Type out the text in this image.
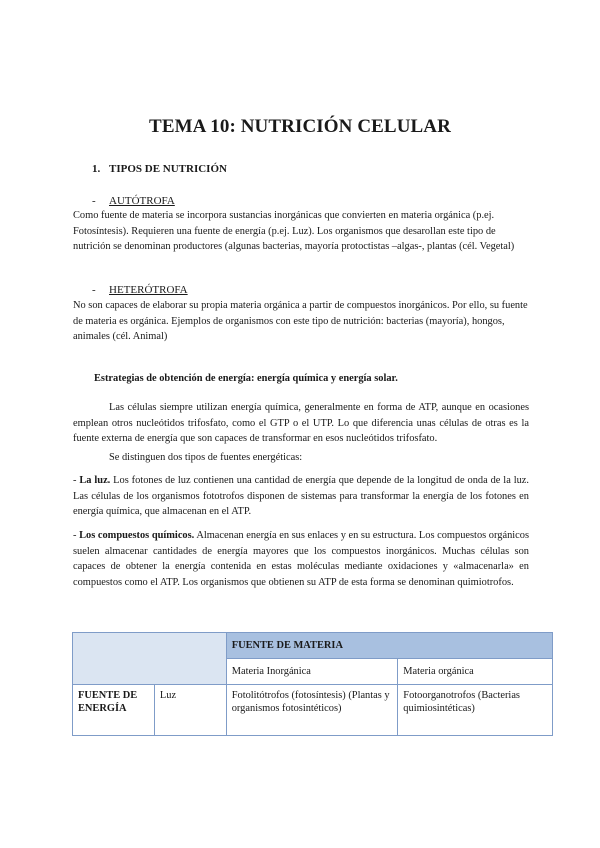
TEMA 10: NUTRICIÓN CELULAR
1. TIPOS DE NUTRICIÓN
- AUTÓTROFA

Como fuente de materia se incorpora sustancias inorgánicas que convierten en materia orgánica (p.ej. Fotosíntesis). Requieren una fuente de energía (p.ej. Luz). Los organismos que desarollan este tipo de nutrición se denominan productores (algunas bacterias, mayoría protoctistas –algas-, plantas (cél. Vegetal)

- HETERÓTROFA

No son capaces de elaborar su propia materia orgánica a partir de compuestos inorgánicos. Por ello, su fuente de materia es orgánica. Ejemplos de organismos con este tipo de nutrición: bacterias (mayoría), hongos, animales (cél. Animal)

Estrategias de obtención de energía: energía química y energía solar.

Las células siempre utilizan energía química, generalmente en forma de ATP, aunque en ocasiones emplean otros nucleótidos trifosfato, como el GTP o el UTP. Lo que diferencia unas células de otras es la fuente externa de energía que son capaces de transformar en esos nucleótidos trifosfato.

Se distinguen dos tipos de fuentes energéticas:

- La luz. Los fotones de luz contienen una cantidad de energía que depende de la longitud de onda de la luz. Las células de los organismos fototrofos disponen de sistemas para transformar la energía de los fotones en energía química, que almacenan en el ATP.

- Los compuestos químicos. Almacenan energía en sus enlaces y en su estructura. Los compuestos orgánicos suelen almacenar cantidades de energía mayores que los compuestos inorgánicos. Muchas células son capaces de obtener la energía contenida en estas moléculas mediante oxidaciones y «almacenarla» en compuestos como el ATP. Los organismos que obtienen su ATP de esta forma se denominan quimiotrofos.

		FUENTE DE MATERIA	
		Materia Inorgánica	Materia orgánica
FUENTE DE ENERGÍA	Luz	Fotolitótrofos (fotosíntesis) (Plantas y organismos fotosintéticos)	Fotoorganotrofos (Bacterias quimiosintéticas)
